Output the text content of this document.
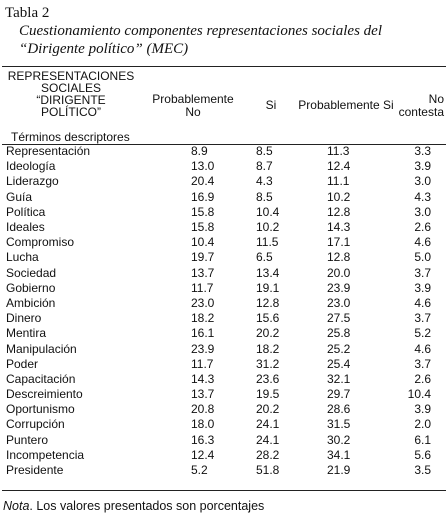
Tabla 2
Cuestionamiento componentes representaciones sociales del “Dirigente político” (MEC)
REPRESENTACIONES
SOCIALES
“DIRIGENTE
POLÍTICO”
Términos descriptores	Probablemente No	Si	Probablemente Si	No contesta
Representación	8.9	8.5	11.3	3.3
Ideología	13.0	8.7	12.4	3.9
Liderazgo	20.4	4.3	11.1	3.0
Guía	16.9	8.5	10.2	4.3
Política	15.8	10.4	12.8	3.0
Ideales	15.8	10.2	14.3	2.6
Compromiso	10.4	11.5	17.1	4.6
Lucha	19.7	6.5	12.8	5.0
Sociedad	13.7	13.4	20.0	3.7
Gobierno	11.7	19.1	23.9	3.9
Ambición	23.0	12.8	23.0	4.6
Dinero	18.2	15.6	27.5	3.7
Mentira	16.1	20.2	25.8	5.2
Manipulación	23.9	18.2	25.2	4.6
Poder	11.7	31.2	25.4	3.7
Capacitación	14.3	23.6	32.1	2.6
Descreimiento	13.7	19.5	29.7	10.4
Oportunismo	20.8	20.2	28.6	3.9
Corrupción	18.0	24.1	31.5	2.0
Puntero	16.3	24.1	30.2	6.1
Incompetencia	12.4	28.2	34.1	5.6
Presidente	5.2	51.8	21.9	3.5
Nota. Los valores presentados son porcentajes
